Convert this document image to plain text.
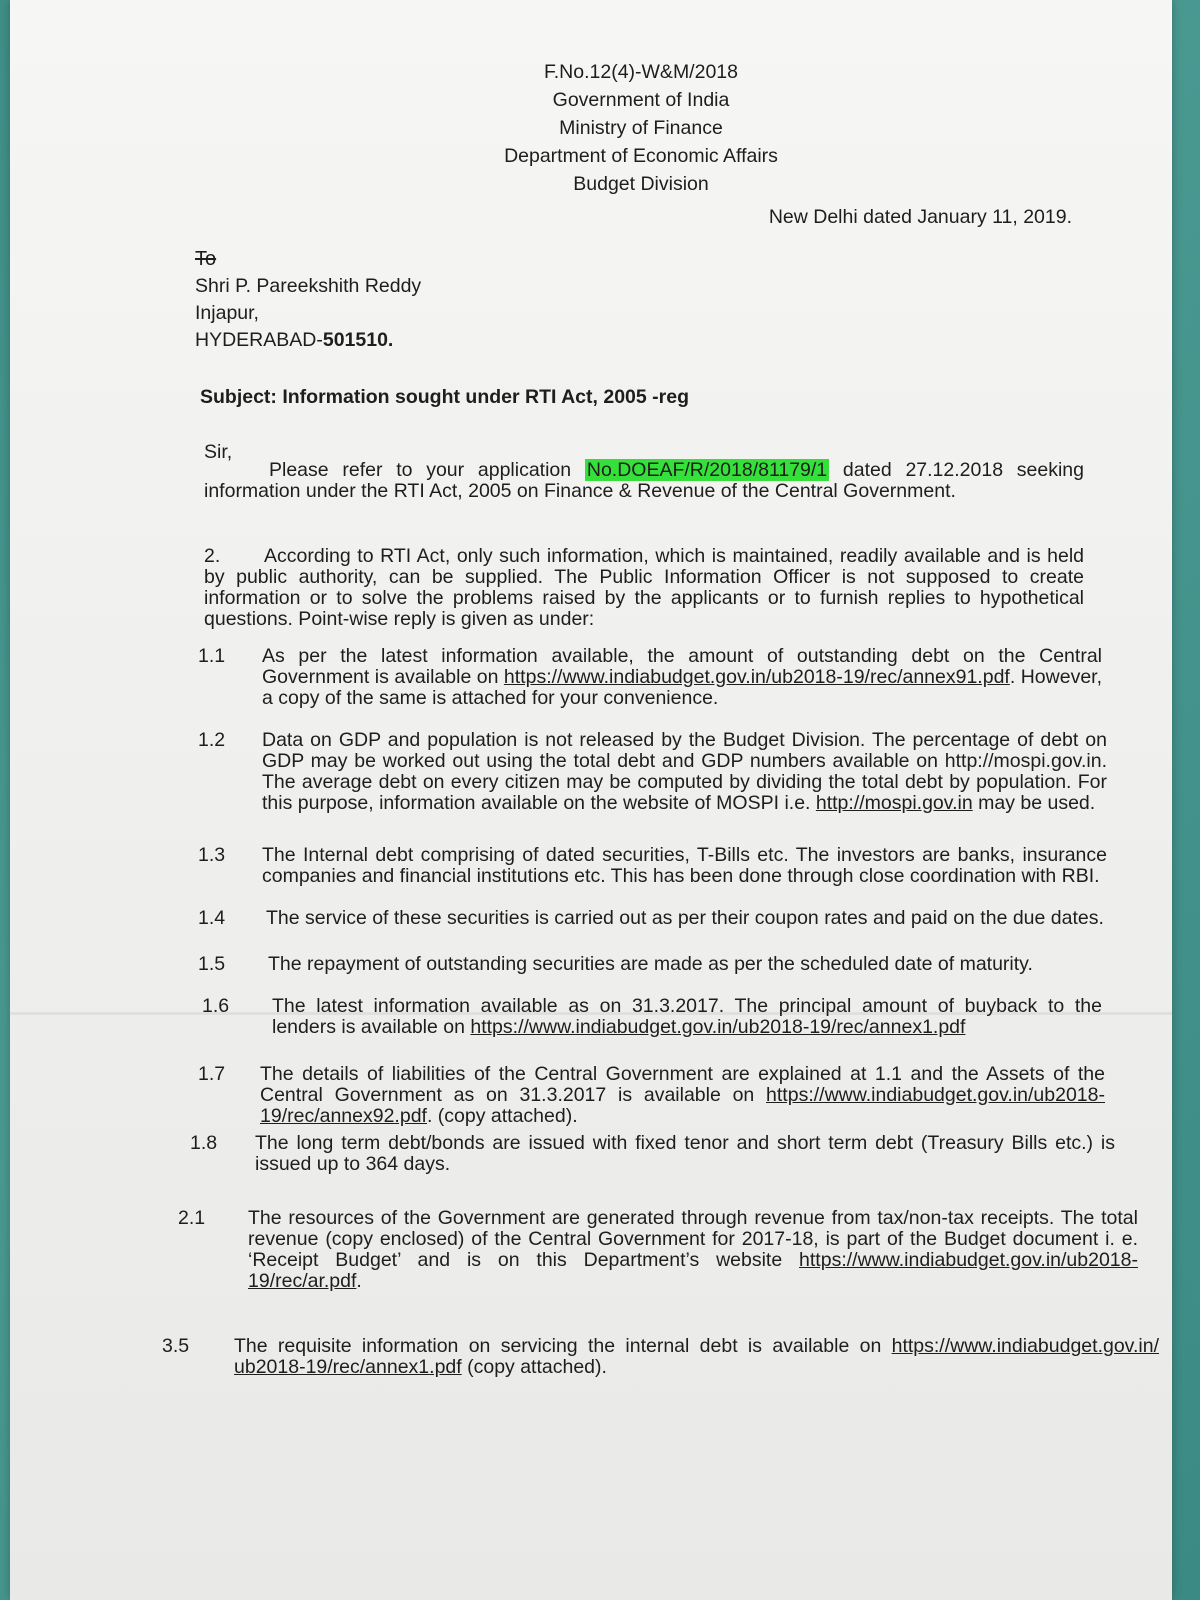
F.No.12(4)-W&M/2018
Government of India
Ministry of Finance
Department of Economic Affairs
Budget Division
New Delhi dated January 11, 2019.
To
Shri P. Pareekshith Reddy
Injapur,
HYDERABAD-501510.
Subject: Information sought under RTI Act, 2005 -reg
Sir,
Please refer to your application No.DOEAF/R/2018/81179/1 dated 27.12.2018 seeking information under the RTI Act, 2005 on Finance & Revenue of the Central Government.
2. According to RTI Act, only such information, which is maintained, readily available and is held by public authority, can be supplied. The Public Information Officer is not supposed to create information or to solve the problems raised by the applicants or to furnish replies to hypothetical questions. Point-wise reply is given as under:
1.1	As per the latest information available, the amount of outstanding debt on the Central Government is available on https://www.indiabudget.gov.in/ub2018-19/rec/annex91.pdf. However, a copy of the same is attached for your convenience.
1.2	Data on GDP and population is not released by the Budget Division. The percentage of debt on GDP may be worked out using the total debt and GDP numbers available on http://mospi.gov.in. The average debt on every citizen may be computed by dividing the total debt by population. For this purpose, information available on the website of MOSPI i.e. http://mospi.gov.in may be used.
1.3	The Internal debt comprising of dated securities, T-Bills etc. The investors are banks, insurance companies and financial institutions etc. This has been done through close coordination with RBI.
1.4	The service of these securities is carried out as per their coupon rates and paid on the due dates.
1.5	The repayment of outstanding securities are made as per the scheduled date of maturity.
1.6	The latest information available as on 31.3.2017. The principal amount of buyback to the lenders is available on https://www.indiabudget.gov.in/ub2018-19/rec/annex1.pdf
1.7	The details of liabilities of the Central Government are explained at 1.1 and the Assets of the Central Government as on 31.3.2017 is available on https://www.indiabudget.gov.in/ub2018-19/rec/annex92.pdf. (copy attached).
1.8	The long term debt/bonds are issued with fixed tenor and short term debt (Treasury Bills etc.) is issued up to 364 days.
2.1	The resources of the Government are generated through revenue from tax/non-tax receipts. The total revenue (copy enclosed) of the Central Government for 2017-18, is part of the Budget document i. e. ‘Receipt Budget’ and is on this Department’s website https://www.indiabudget.gov.in/ub2018-19/rec/ar.pdf.
3.5	The requisite information on servicing the internal debt is available on https://www.indiabudget.gov.in/ ub2018-19/rec/annex1.pdf (copy attached).
